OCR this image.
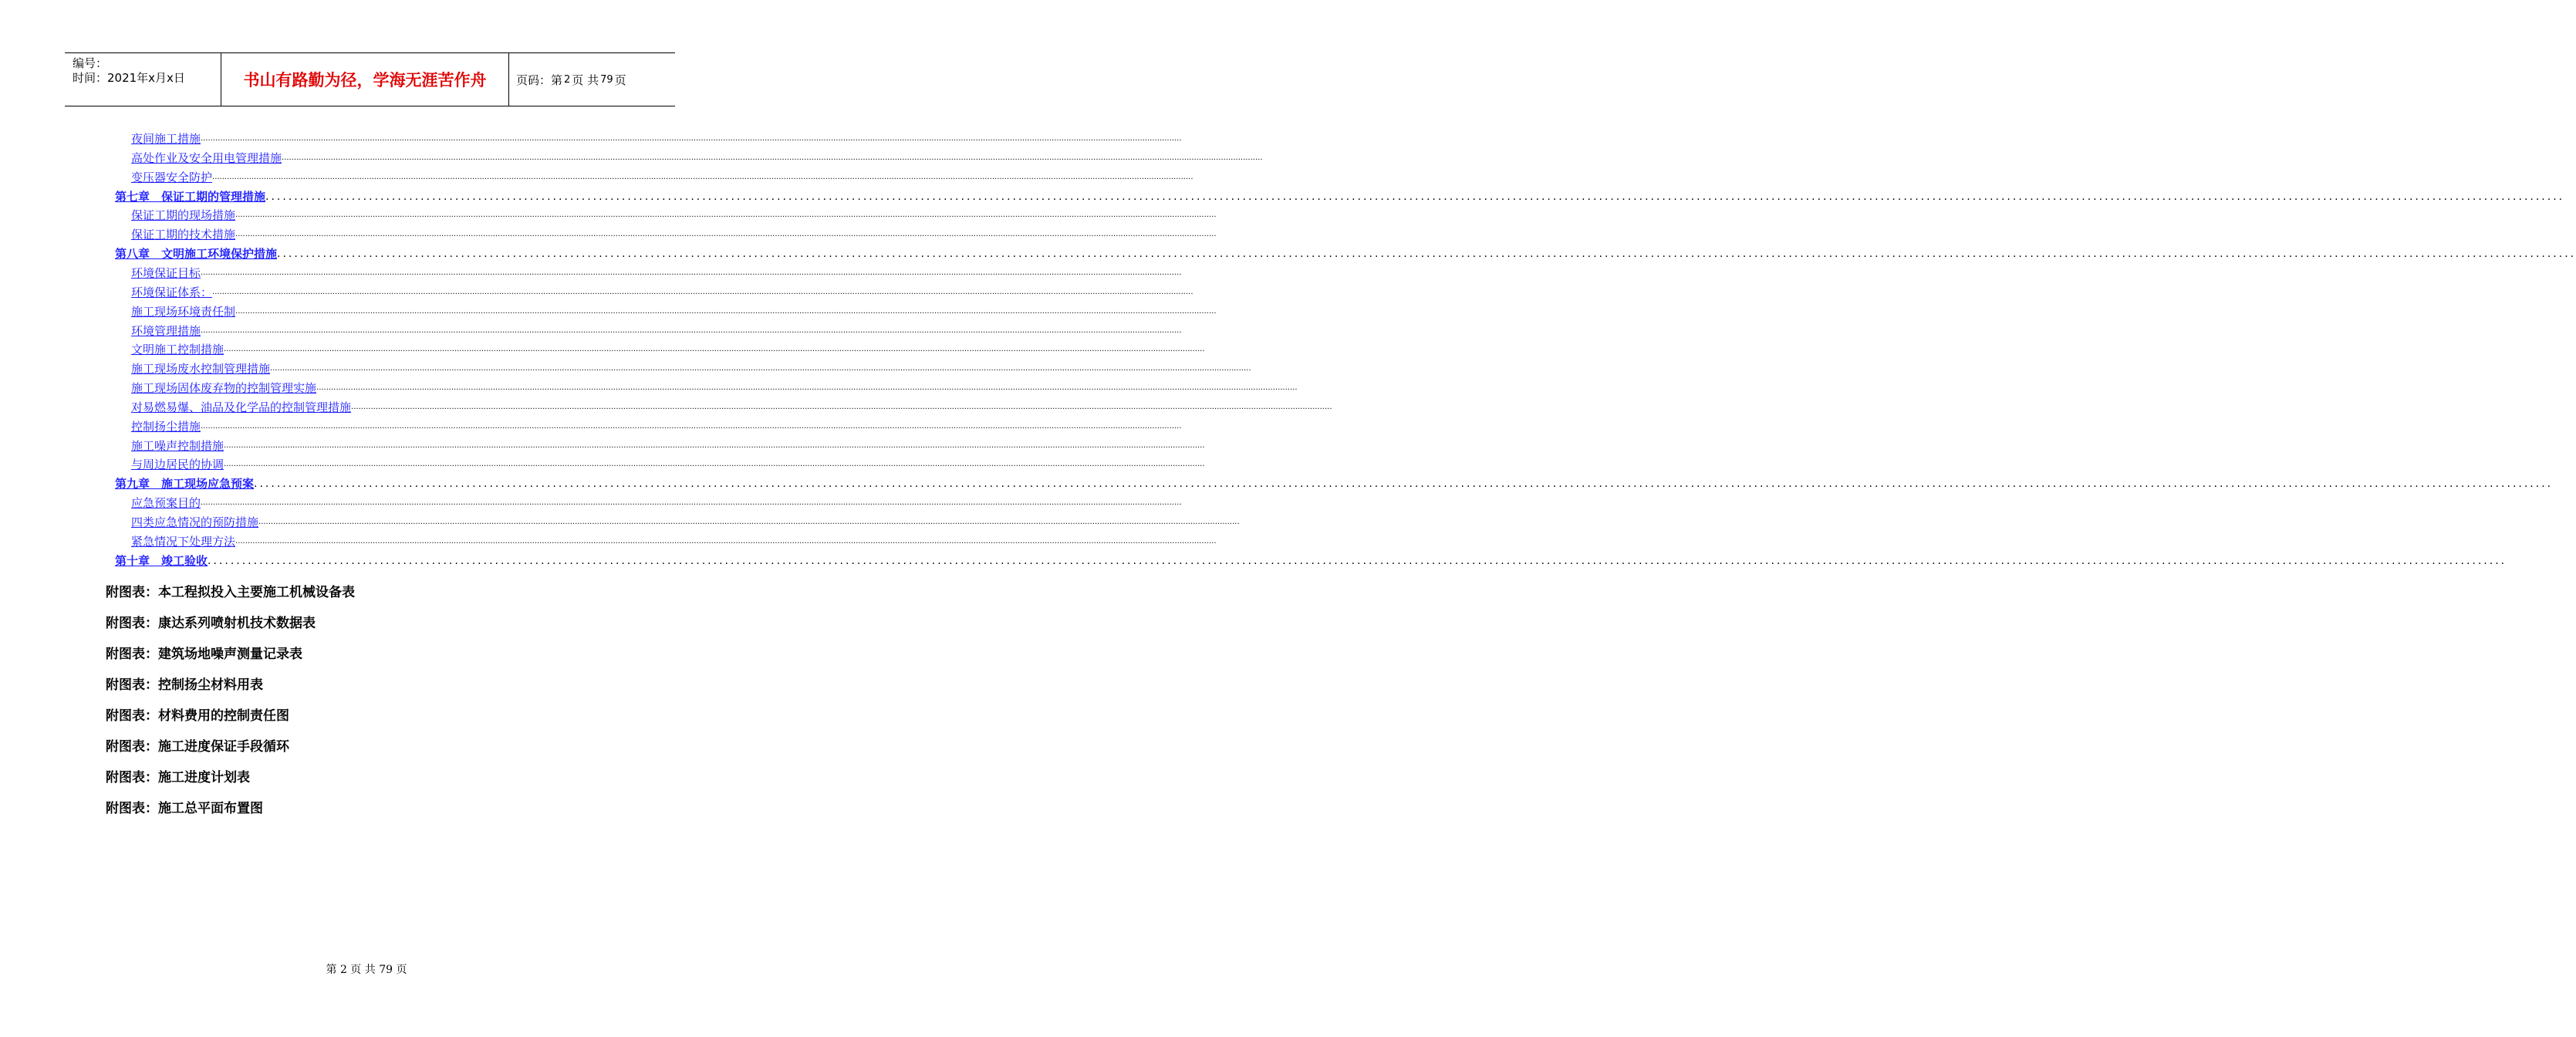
编号：
时间：2021年x月x日	书山有路勤为径，学海无涯苦作舟	页码：第 2 页 共 79 页
夜间施工措施 ................................................................................................................................................................................................................................................................................................................................................................................................................
高处作业及安全用电管理措施 ................................................................................................................................................................................................................................................................................................................................................................................................................
变压器安全防护 ................................................................................................................................................................................................................................................................................................................................................................................................................
第七章　保证工期的管理措施 ................................................................................................................................................................................................................................................................................................................................................................................................................
保证工期的现场措施 ................................................................................................................................................................................................................................................................................................................................................................................................................
保证工期的技术措施 ................................................................................................................................................................................................................................................................................................................................................................................................................
第八章　文明施工环境保护措施 ................................................................................................................................................................................................................................................................................................................................................................................................................
环境保证目标 ................................................................................................................................................................................................................................................................................................................................................................................................................
环境保证体系： ................................................................................................................................................................................................................................................................................................................................................................................................................
施工现场环境责任制 ................................................................................................................................................................................................................................................................................................................................................................................................................
环境管理措施 ................................................................................................................................................................................................................................................................................................................................................................................................................
文明施工控制措施 ................................................................................................................................................................................................................................................................................................................................................................................................................
施工现场废水控制管理措施 ................................................................................................................................................................................................................................................................................................................................................................................................................
施工现场固体废弃物的控制管理实施 ................................................................................................................................................................................................................................................................................................................................................................................................................
对易燃易爆、油品及化学品的控制管理措施 ................................................................................................................................................................................................................................................................................................................................................................................................................
控制扬尘措施 ................................................................................................................................................................................................................................................................................................................................................................................................................
施工噪声控制措施 ................................................................................................................................................................................................................................................................................................................................................................................................................
与周边居民的协调 ................................................................................................................................................................................................................................................................................................................................................................................................................
第九章　施工现场应急预案 ................................................................................................................................................................................................................................................................................................................................................................................................................
应急预案目的 ................................................................................................................................................................................................................................................................................................................................................................................................................
四类应急情况的预防措施 ................................................................................................................................................................................................................................................................................................................................................................................................................
紧急情况下处理方法 ................................................................................................................................................................................................................................................................................................................................................................................................................
第十章　竣工验收 ................................................................................................................................................................................................................................................................................................................................................................................................................
附图表：本工程拟投入主要施工机械设备表
附图表：康达系列喷射机技术数据表
附图表：建筑场地噪声测量记录表
附图表：控制扬尘材料用表
附图表：材料费用的控制责任图
附图表：施工进度保证手段循环
附图表：施工进度计划表
附图表：施工总平面布置图
第 2 页 共 79 页
